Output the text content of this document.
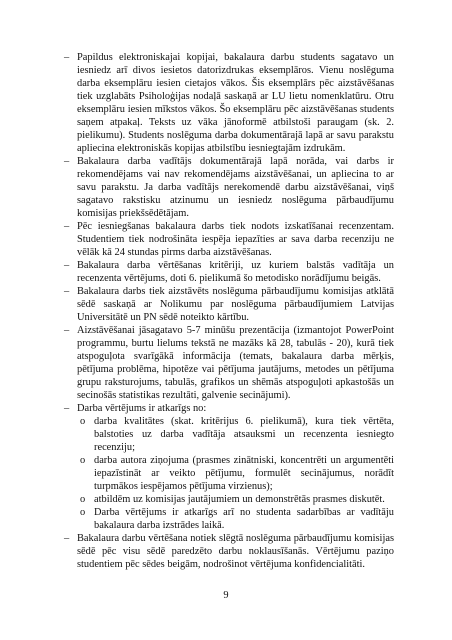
– Papildus elektroniskajai kopijai, bakalaura darbu students sagatavo un iesniedz arī divos iesietos datorizdrukas eksemplāros. Vienu noslēguma darba eksemplāru iesien cietajos vākos. Šis eksemplārs pēc aizstāvēšanas tiek uzglabāts Psiholoģijas nodaļā saskaņā ar LU lietu nomenklatūru. Otru eksemplāru iesien mīkstos vākos. Šo eksemplāru pēc aizstāvēšanas students saņem atpakaļ. Teksts uz vāka jānoformē atbilstoši paraugam (sk. 2. pielikumu). Students noslēguma darba dokumentārajā lapā ar savu parakstu apliecina elektroniskās kopijas atbilstību iesniegtajām izdrukām.
– Bakalaura darba vadītājs dokumentārajā lapā norāda, vai darbs ir rekomendējams vai nav rekomendējams aizstāvēšanai, un apliecina to ar savu parakstu. Ja darba vadītājs nerekomendē darbu aizstāvēšanai, viņš sagatavo rakstisku atzinumu un iesniedz noslēguma pārbaudījumu komisijas priekšsēdētājam.
– Pēc iesniegšanas bakalaura darbs tiek nodots izskatīšanai recenzentam. Studentiem tiek nodrošināta iespēja iepazīties ar sava darba recenziju ne vēlāk kā 24 stundas pirms darba aizstāvēšanas.
– Bakalaura darba vērtēšanas kritēriji, uz kuriem balstās vadītāja un recenzenta vērtējums, doti 6. pielikumā šo metodisko norādījumu beigās.
– Bakalaura darbs tiek aizstāvēts noslēguma pārbaudījumu komisijas atklātā sēdē saskaņā ar Nolikumu par noslēguma pārbaudījumiem Latvijas Universitātē un PN sēdē noteikto kārtību.
– Aizstāvēšanai jāsagatavo 5-7 minūšu prezentācija (izmantojot PowerPoint programmu, burtu lielums tekstā ne mazāks kā 28, tabulās - 20), kurā tiek atspoguļota svarīgākā informācija (temats, bakalaura darba mērķis, pētījuma problēma, hipotēze vai pētījuma jautājums, metodes un pētījuma grupu raksturojums, tabulās, grafikos un shēmās atspoguļoti apkastošās un secinošās statistikas rezultāti, galvenie secinājumi).
– Darba vērtējums ir atkarīgs no:
o darba kvalitātes (skat. kritērijus 6. pielikumā), kura tiek vērtēta, balstoties uz darba vadītāja atsauksmi un recenzenta iesniegto recenziju;
o darba autora ziņojuma (prasmes zinātniski, koncentrēti un argumentēti iepazīstināt ar veikto pētījumu, formulēt secinājumus, norādīt turpmākos iespējamos pētījuma virzienus);
o atbildēm uz komisijas jautājumiem un demonstrētās prasmes diskutēt.
o Darba vērtējums ir atkarīgs arī no studenta sadarbības ar vadītāju bakalaura darba izstrādes laikā.
– Bakalaura darbu vērtēšana notiek slēgtā noslēguma pārbaudījumu komisijas sēdē pēc visu sēdē paredzēto darbu noklausīšanās. Vērtējumu paziņo studentiem pēc sēdes beigām, nodrošinot vērtējuma konfidencialitāti.
9
